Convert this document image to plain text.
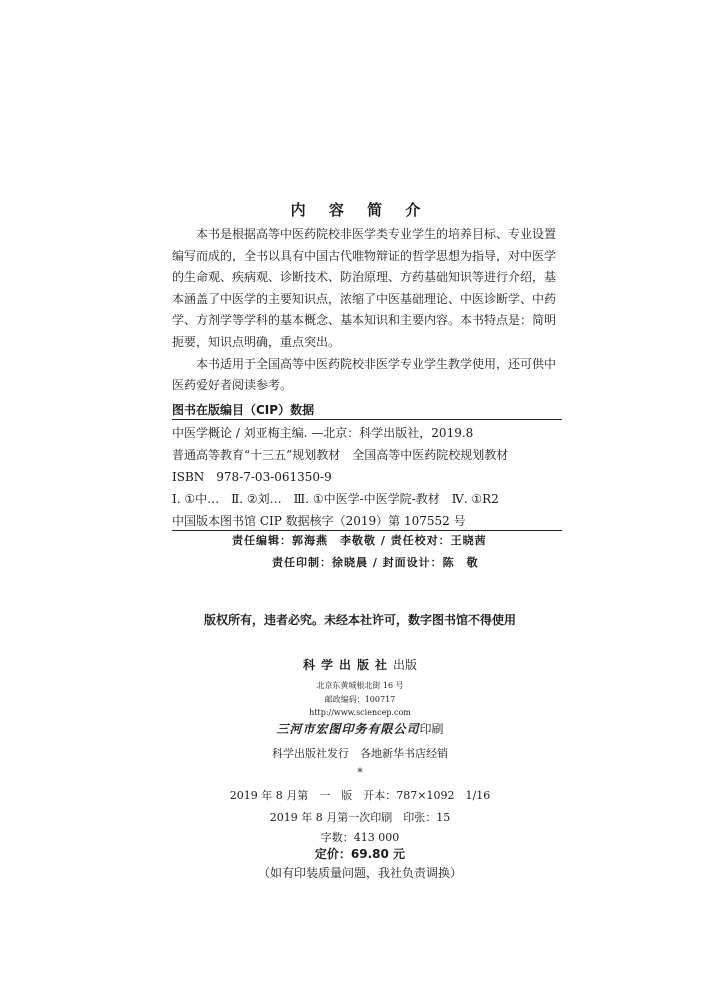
内 容 简 介

本书是根据高等中医药院校非医学类专业学生的培养目标、专业设置编写而成的，全书以具有中国古代唯物辩证的哲学思想为指导，对中医学的生命观、疾病观、诊断技术、防治原理、方药基础知识等进行介绍，基本涵盖了中医学的主要知识点，浓缩了中医基础理论、中医诊断学、中药学、方剂学等学科的基本概念、基本知识和主要内容。本书特点是：简明扼要，知识点明确，重点突出。

本书适用于全国高等中医药院校非医学专业学生教学使用，还可供中医药爱好者阅读参考。

图书在版编目（CIP）数据
中医学概论 / 刘亚梅主编. —北京：科学出版社，2019.8
普通高等教育“十三五”规划教材　全国高等中医药院校规划教材
ISBN　978-7-03-061350-9
Ⅰ. ①中…　Ⅱ. ②刘…　Ⅲ. ①中医学-中医学院-教材　Ⅳ. ①R2
中国版本图书馆 CIP 数据核字（2019）第 107552 号
责任编辑：郭海燕　李敬敬 / 责任校对：王晓茜
责任印制：徐晓晨 / 封面设计：陈　敬
版权所有，违者必究。未经本社许可，数字图书馆不得使用
科学出版社出版
北京东黄城根北街 16 号
邮政编码：100717
http://www.sciencep.com
三河市宏图印务有限公司印刷
科学出版社发行　各地新华书店经销
*
2019 年 8 月第　一　版　开本：787×1092　1/16
2019 年 8 月第一次印刷　印张：15
字数：413 000
定价：69.80 元
（如有印装质量问题，我社负责调换）
